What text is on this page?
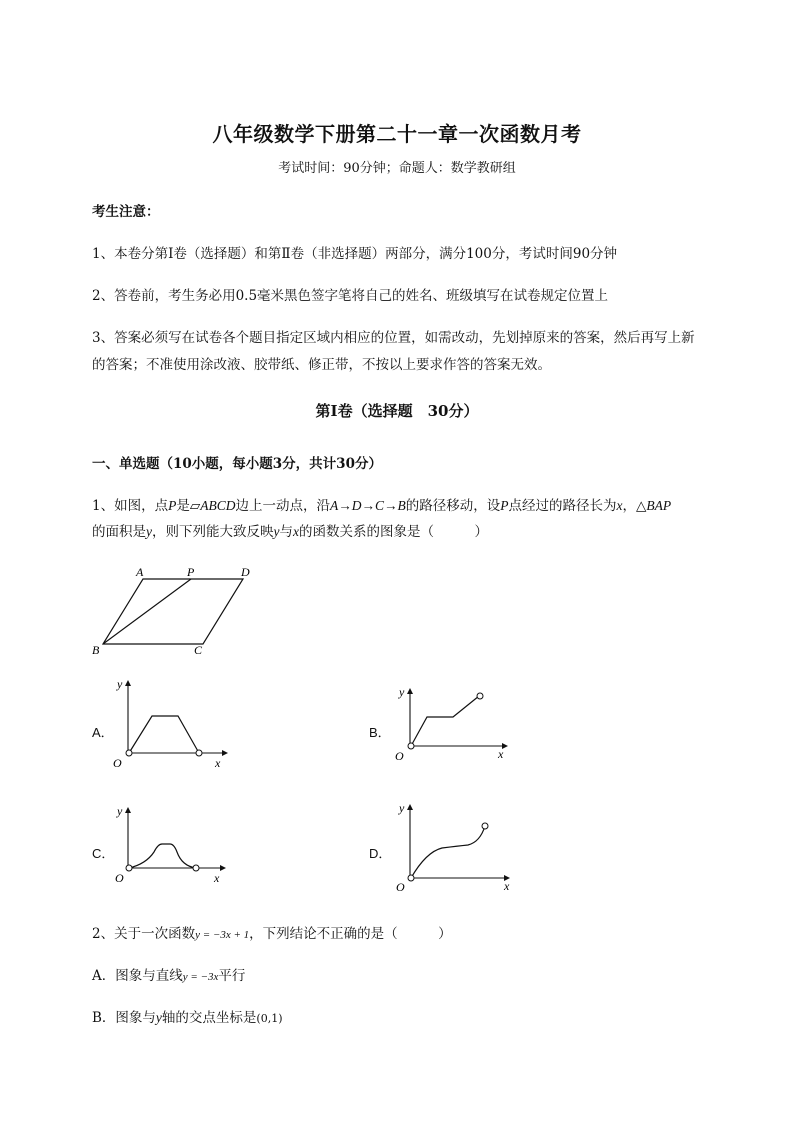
八年级数学下册第二十一章一次函数月考
考试时间：90分钟；命题人：数学教研组
考生注意：
1、本卷分第I卷（选择题）和第Ⅱ卷（非选择题）两部分，满分100分，考试时间90分钟
2、答卷前，考生务必用0.5毫米黑色签字笔将自己的姓名、班级填写在试卷规定位置上
3、答案必须写在试卷各个题目指定区域内相应的位置，如需改动，先划掉原来的答案，然后再写上新
的答案；不准使用涂改液、胶带纸、修正带，不按以上要求作答的答案无效。
第I卷（选择题　30分）
一、单选题（10小题，每小题3分，共计30分）
1、如图，点P是▱ABCD边上一动点，沿A→D→C→B的路径移动，设P点经过的路径长为x，△BAP
的面积是y，则下列能大致反映y与x的函数关系的图象是（　　　）
A	P	D
B	C
A．
y
x
O
B．
y
x
O
C．
y
x
O
D．
y
x
O
2、关于一次函数y = −3x + 1，下列结论不正确的是（　　　）
A．图象与直线y = −3x平行
B．图象与y轴的交点坐标是(0,1)
